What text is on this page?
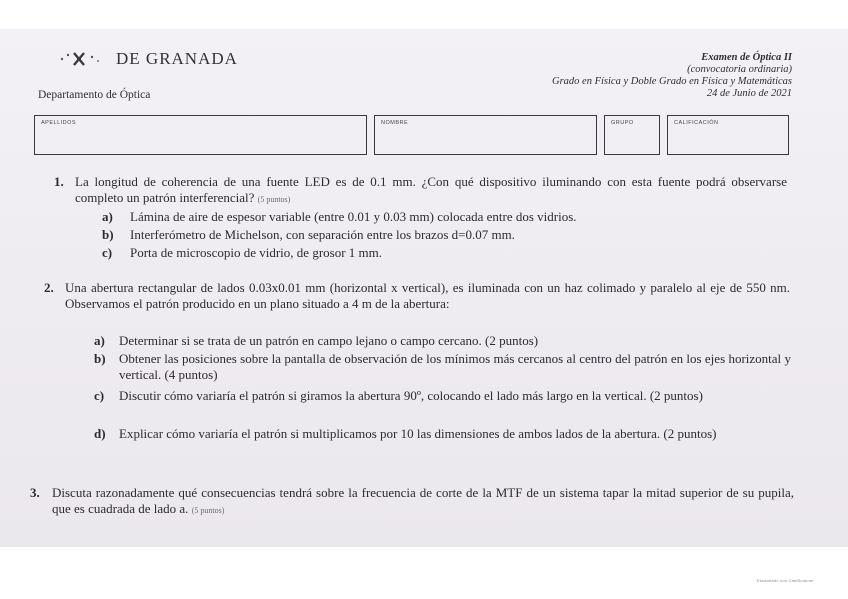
DE GRANADA
Departamento de Óptica
Examen de Óptica II
(convocatoria ordinaria)
Grado en Física y Doble Grado en Física y Matemáticas
24 de Junio de 2021
APELLIDOS	NOMBRE	GRUPO	CALIFICACIÓN
1. La longitud de coherencia de una fuente LED es de 0.1 mm. ¿Con qué dispositivo iluminando con esta fuente podrá observarse completo un patrón interferencial? (5 puntos)
a) Lámina de aire de espesor variable (entre 0.01 y 0.03 mm) colocada entre dos vidrios.
b) Interferómetro de Michelson, con separación entre los brazos d=0.07 mm.
c) Porta de microscopio de vidrio, de grosor 1 mm.
2. Una abertura rectangular de lados 0.03x0.01 mm (horizontal x vertical), es iluminada con un haz colimado y paralelo al eje de 550 nm. Observamos el patrón producido en un plano situado a 4 m de la abertura:
a) Determinar si se trata de un patrón en campo lejano o campo cercano. (2 puntos)
b) Obtener las posiciones sobre la pantalla de observación de los mínimos más cercanos al centro del patrón en los ejes horizontal y vertical. (4 puntos)
c) Discutir cómo variaría el patrón si giramos la abertura 90º, colocando el lado más largo en la vertical. (2 puntos)
d) Explicar cómo variaría el patrón si multiplicamos por 10 las dimensiones de ambos lados de la abertura. (2 puntos)
3. Discuta razonadamente qué consecuencias tendrá sobre la frecuencia de corte de la MTF de un sistema tapar la mitad superior de su pupila, que es cuadrada de lado a. (5 puntos)
Escaneado con CamScanner
